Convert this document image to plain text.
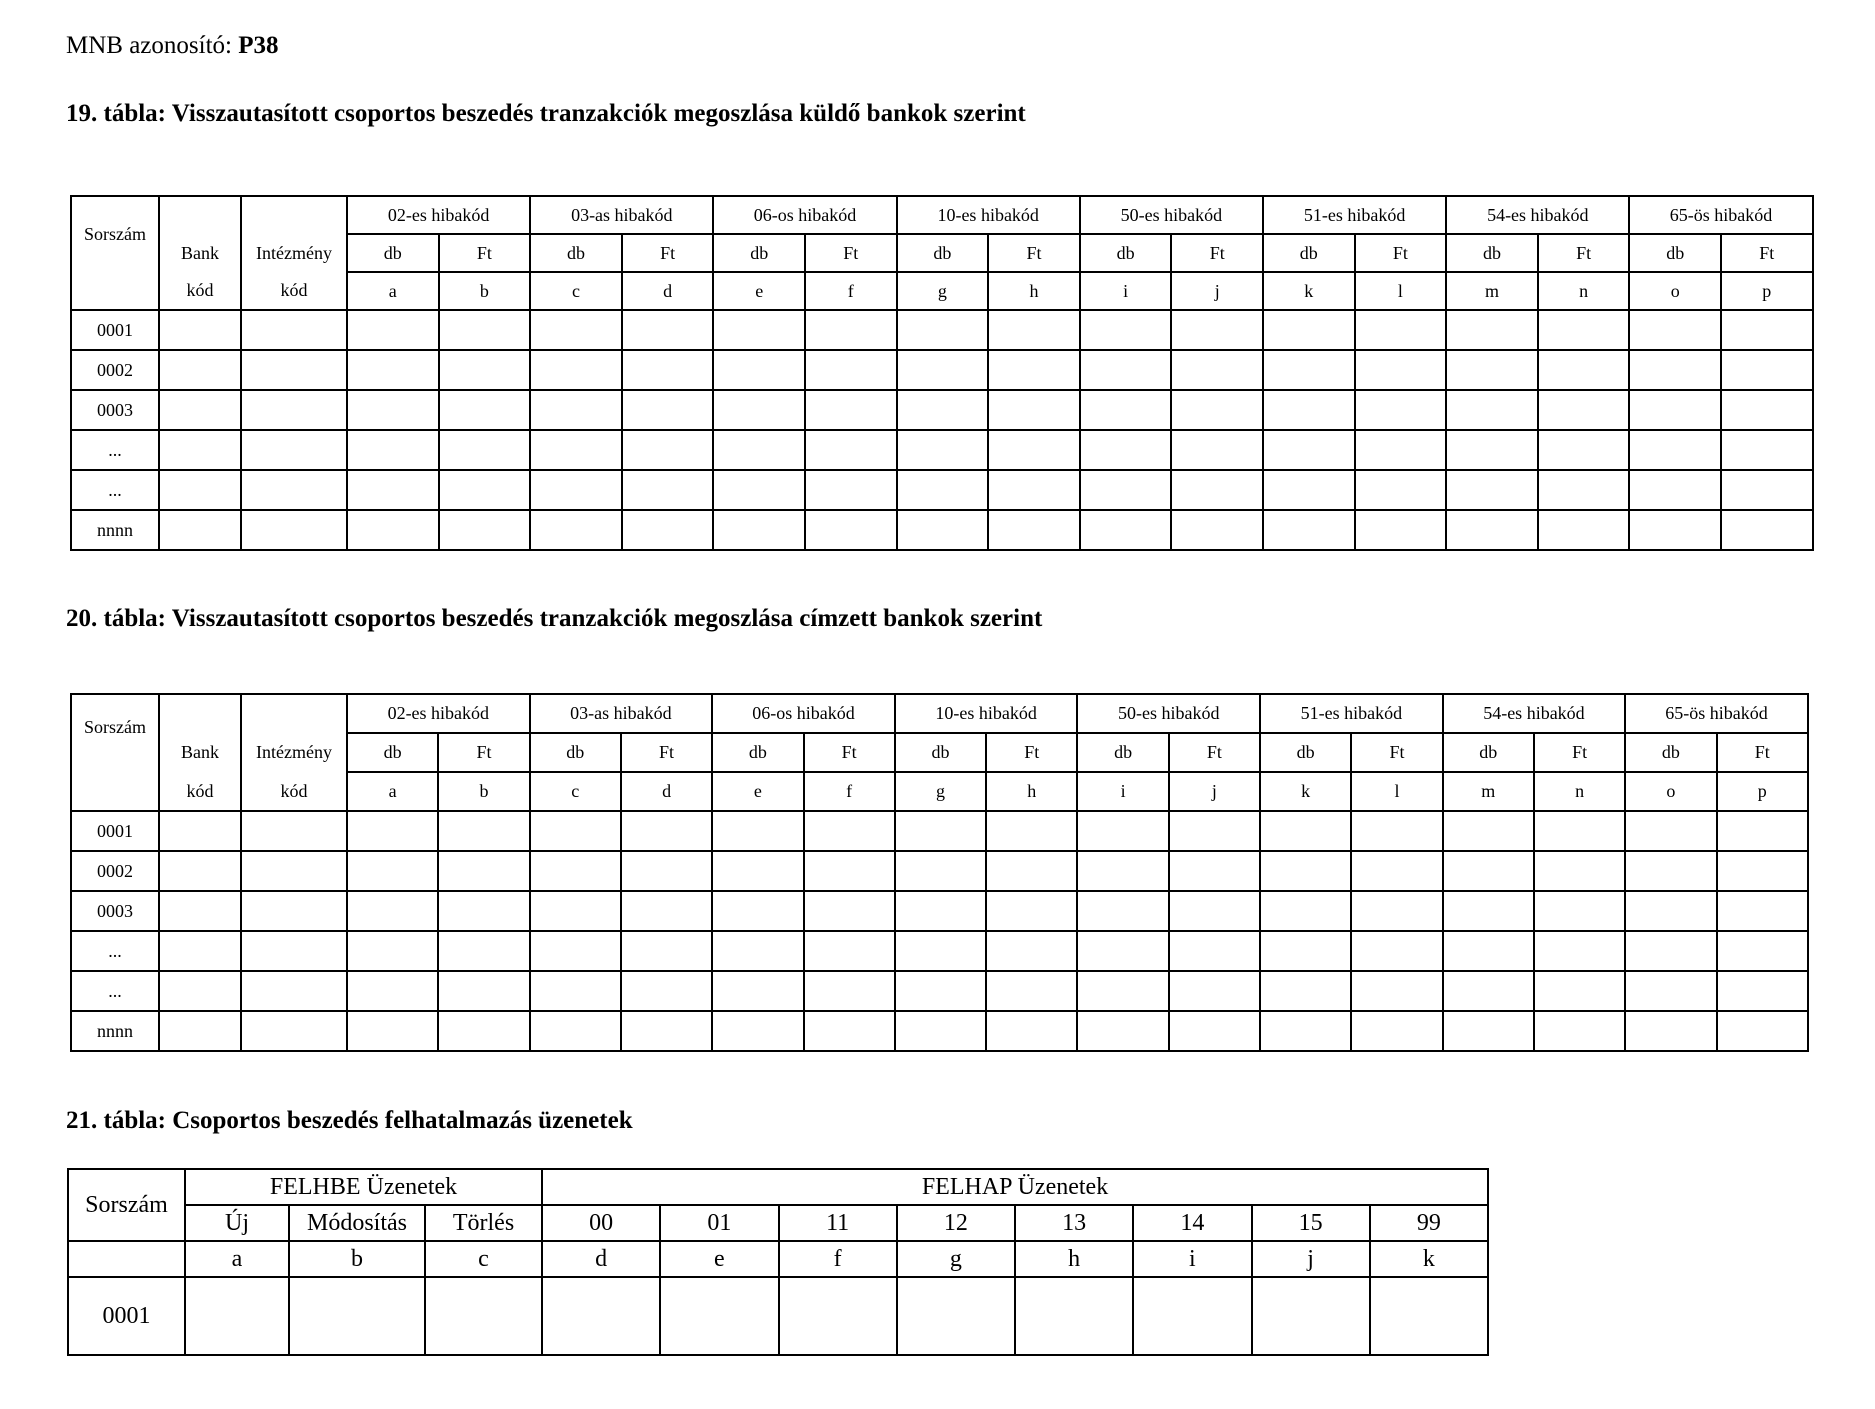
MNB azonosító: P38
19. tábla: Visszautasított csoportos beszedés tranzakciók megoszlása küldő bankok szerint
Sorszám			02-es hibakód		03-as hibakód		06-os hibakód		10-es hibakód		50-es hibakód		51-es hibakód		54-es hibakód		65-ös hibakód	
	Bank	Intézmény	db	Ft	db	Ft	db	Ft	db	Ft	db	Ft	db	Ft	db	Ft	db	Ft
	kód	kód	a	b	c	d	e	f	g	h	i	j	k	l	m	n	o	p
0001																		
0002																		
0003																		
...																		
...																		
nnnn																		
20. tábla: Visszautasított csoportos beszedés tranzakciók megoszlása címzett bankok szerint
Sorszám			02-es hibakód		03-as hibakód		06-os hibakód		10-es hibakód		50-es hibakód		51-es hibakód		54-es hibakód		65-ös hibakód	
	Bank	Intézmény	db	Ft	db	Ft	db	Ft	db	Ft	db	Ft	db	Ft	db	Ft	db	Ft
	kód	kód	a	b	c	d	e	f	g	h	i	j	k	l	m	n	o	p
0001																		
0002																		
0003																		
...																		
...																		
nnnn																		
21. tábla: Csoportos beszedés felhatalmazás üzenetek
Sorszám	FELHBE Üzenetek			FELHAP Üzenetek							
	Új	Módosítás	Törlés	00	01	11	12	13	14	15	99
	a	b	c	d	e	f	g	h	i	j	k
0001											
